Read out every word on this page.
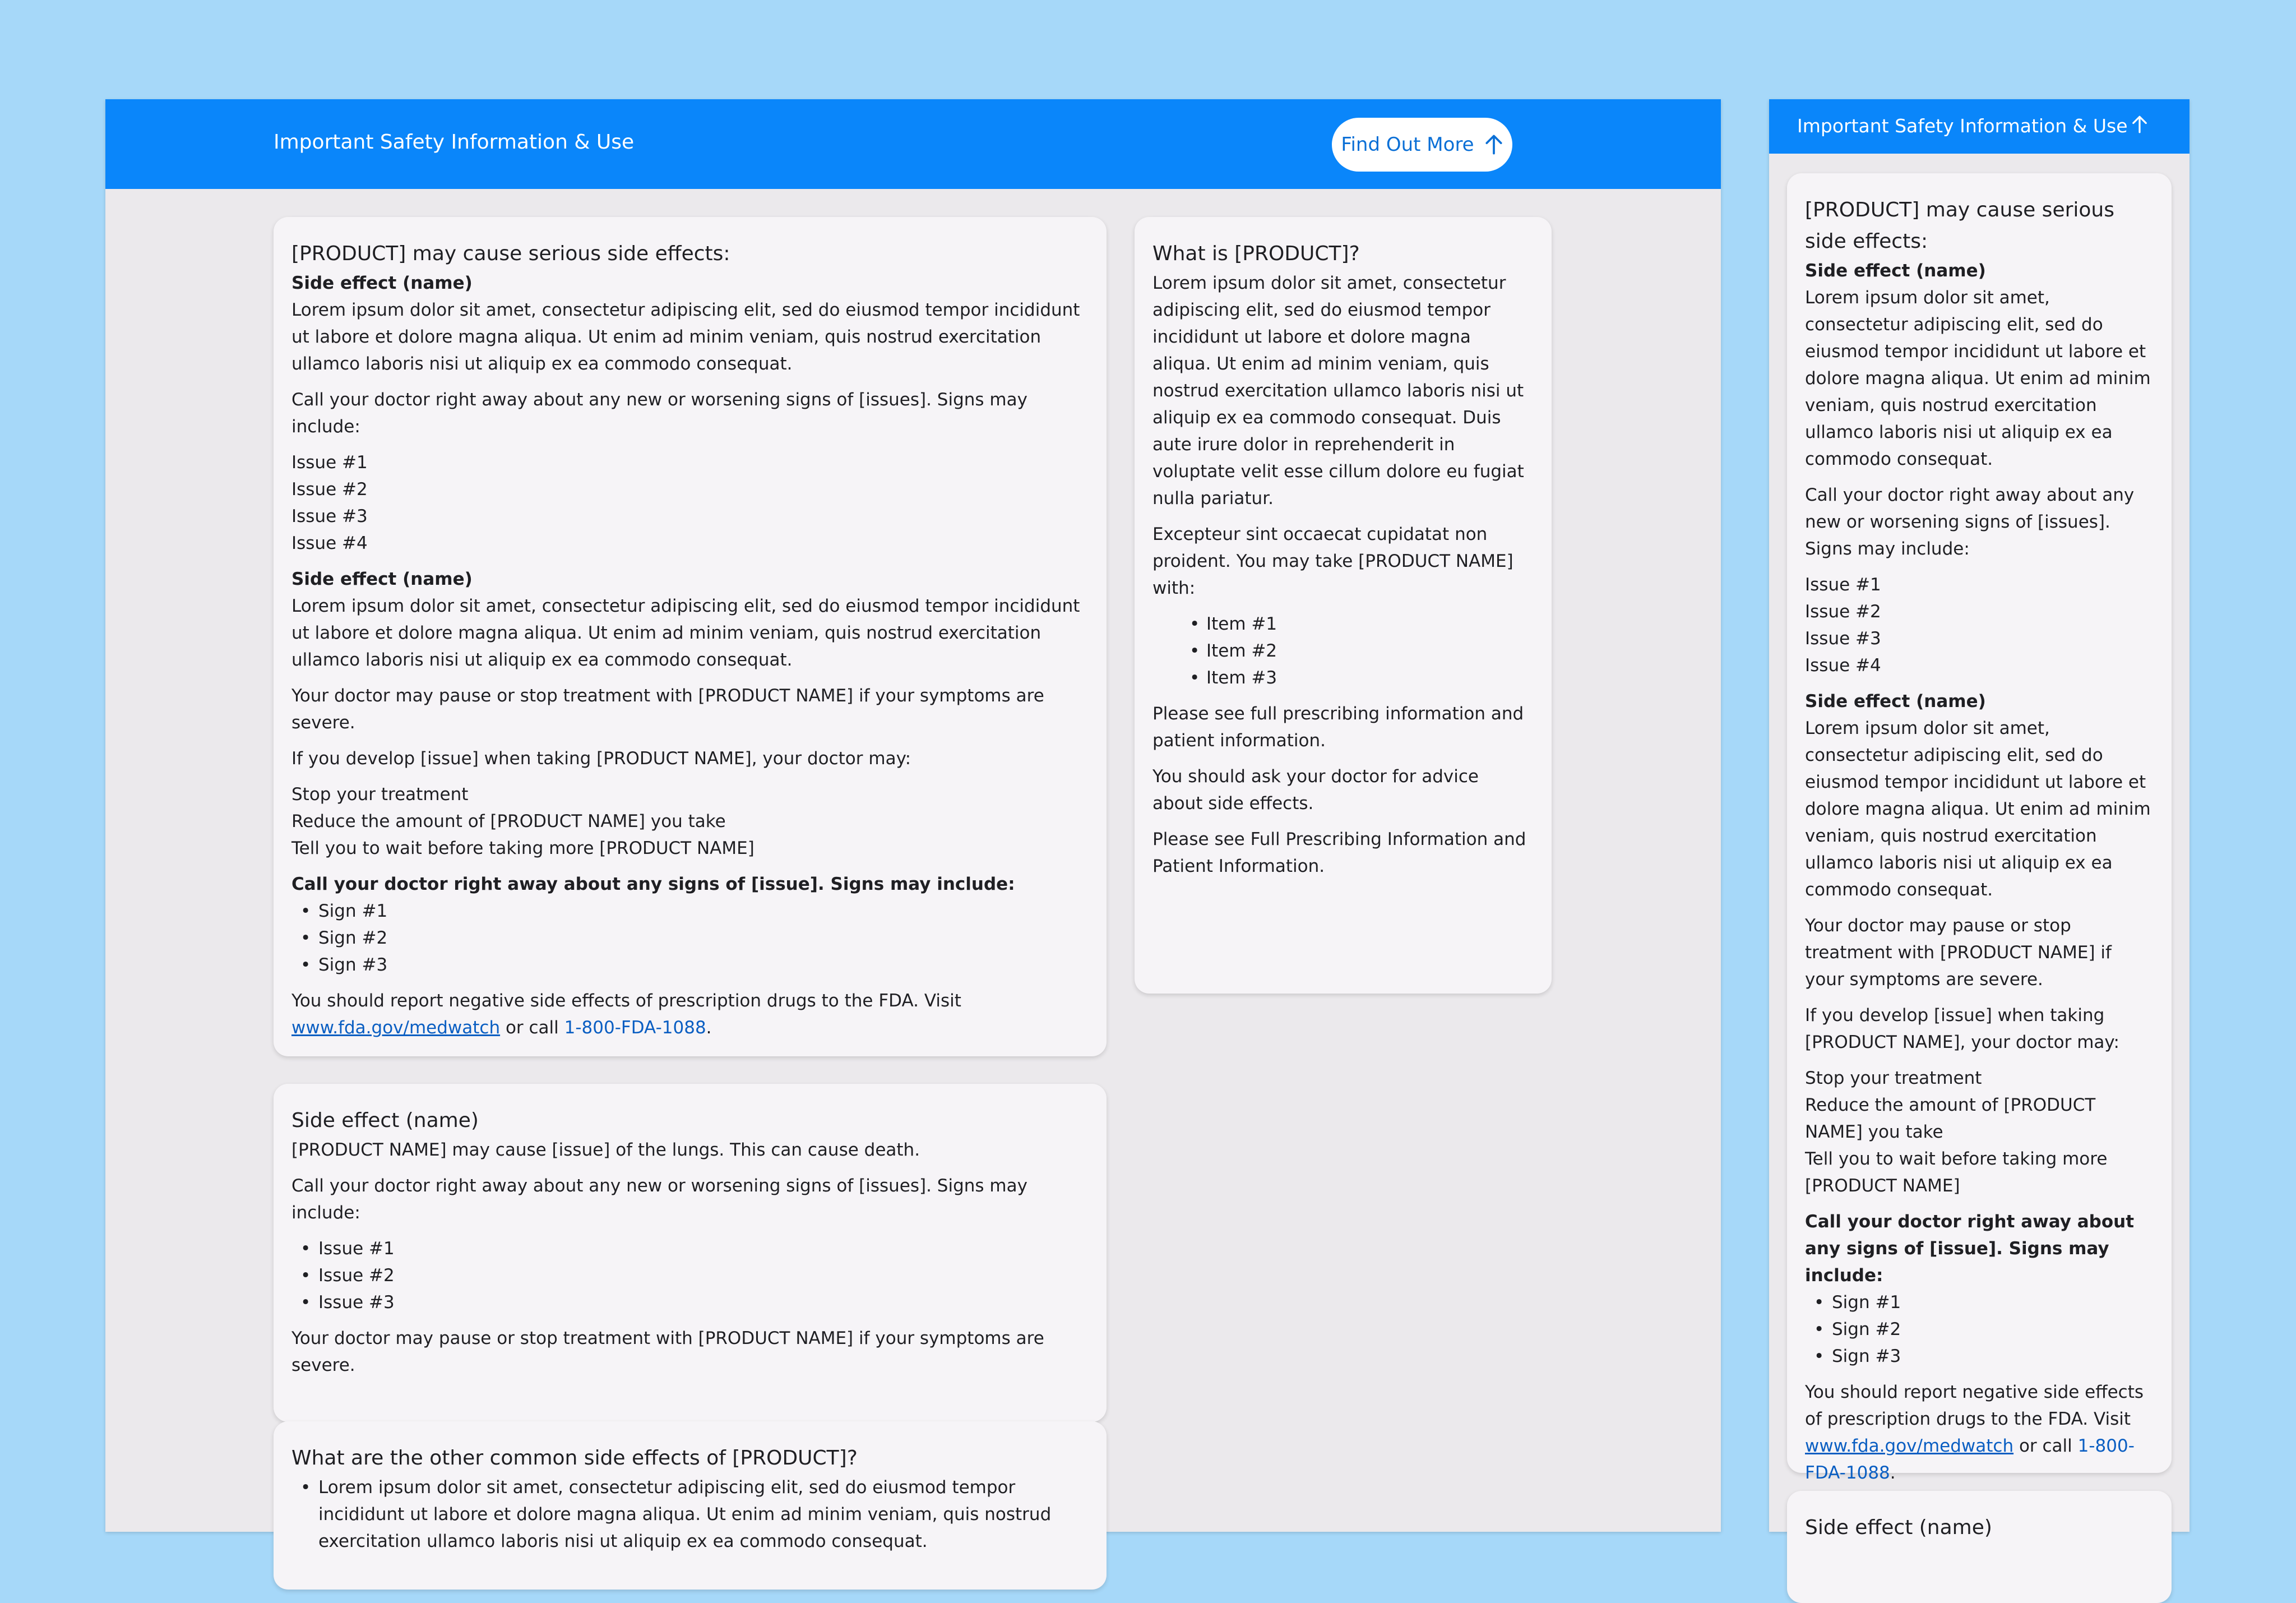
Important Safety Information & Use	Find Out More
[PRODUCT] may cause serious side effects:
Side effect (name)

Lorem ipsum dolor sit amet, consectetur adipiscing elit, sed do eiusmod tempor incididunt ut labore et dolore magna aliqua. Ut enim ad minim veniam, quis nostrud exercitation ullamco laboris nisi ut aliquip ex ea commodo consequat.

Call your doctor right away about any new or worsening signs of [issues]. Signs may include:

Issue #1
Issue #2
Issue #3
Issue #4
Side effect (name)

Lorem ipsum dolor sit amet, consectetur adipiscing elit, sed do eiusmod tempor incididunt ut labore et dolore magna aliqua. Ut enim ad minim veniam, quis nostrud exercitation ullamco laboris nisi ut aliquip ex ea commodo consequat.

Your doctor may pause or stop treatment with [PRODUCT NAME] if your symptoms are severe.

If you develop [issue] when taking [PRODUCT NAME], your doctor may:

Stop your treatment
Reduce the amount of [PRODUCT NAME] you take
Tell you to wait before taking more [PRODUCT NAME]
Call your doctor right away about any signs of [issue]. Signs may include:
• Sign #1
• Sign #2
• Sign #3

You should report negative side effects of prescription drugs to the FDA. Visit www.fda.gov/medwatch or call 1-800-FDA-1088.

Side effect (name)

[PRODUCT NAME] may cause [issue] of the lungs. This can cause death.

Call your doctor right away about any new or worsening signs of [issues]. Signs may include:

• Issue #1
• Issue #2
• Issue #3

Your doctor may pause or stop treatment with [PRODUCT NAME] if your symptoms are severe.

What are the other common side effects of [PRODUCT]?
• Lorem ipsum dolor sit amet, consectetur adipiscing elit, sed do eiusmod tempor incididunt ut labore et dolore magna aliqua. Ut enim ad minim veniam, quis nostrud exercitation ullamco laboris nisi ut aliquip ex ea commodo consequat.
What is [PRODUCT]?

Lorem ipsum dolor sit amet, consectetur adipiscing elit, sed do eiusmod tempor incididunt ut labore et dolore magna aliqua. Ut enim ad minim veniam, quis nostrud exercitation ullamco laboris nisi ut aliquip ex ea commodo consequat. Duis aute irure dolor in reprehenderit in voluptate velit esse cillum dolore eu fugiat nulla pariatur.

Excepteur sint occaecat cupidatat non proident. You may take [PRODUCT NAME] with:

• Item #1
• Item #2
• Item #3

Please see full prescribing information and patient information.

You should ask your doctor for advice about side effects.

Please see Full Prescribing Information and Patient Information.

Important Safety Information & Use
[PRODUCT] may cause serious side effects:
Side effect (name)

Lorem ipsum dolor sit amet, consectetur adipiscing elit, sed do eiusmod tempor incididunt ut labore et dolore magna aliqua. Ut enim ad minim veniam, quis nostrud exercitation ullamco laboris nisi ut aliquip ex ea commodo consequat.

Call your doctor right away about any new or worsening signs of [issues]. Signs may include:

Issue #1
Issue #2
Issue #3
Issue #4
Side effect (name)

Lorem ipsum dolor sit amet, consectetur adipiscing elit, sed do eiusmod tempor incididunt ut labore et dolore magna aliqua. Ut enim ad minim veniam, quis nostrud exercitation ullamco laboris nisi ut aliquip ex ea commodo consequat.

Your doctor may pause or stop treatment with [PRODUCT NAME] if your symptoms are severe.

If you develop [issue] when taking [PRODUCT NAME], your doctor may:

Stop your treatment
Reduce the amount of [PRODUCT NAME] you take
Tell you to wait before taking more [PRODUCT NAME]
Call your doctor right away about any signs of [issue]. Signs may include:
• Sign #1
• Sign #2
• Sign #3

You should report negative side effects of prescription drugs to the FDA. Visit www.fda.gov/medwatch or call 1-800-FDA-1088.

Side effect (name)
